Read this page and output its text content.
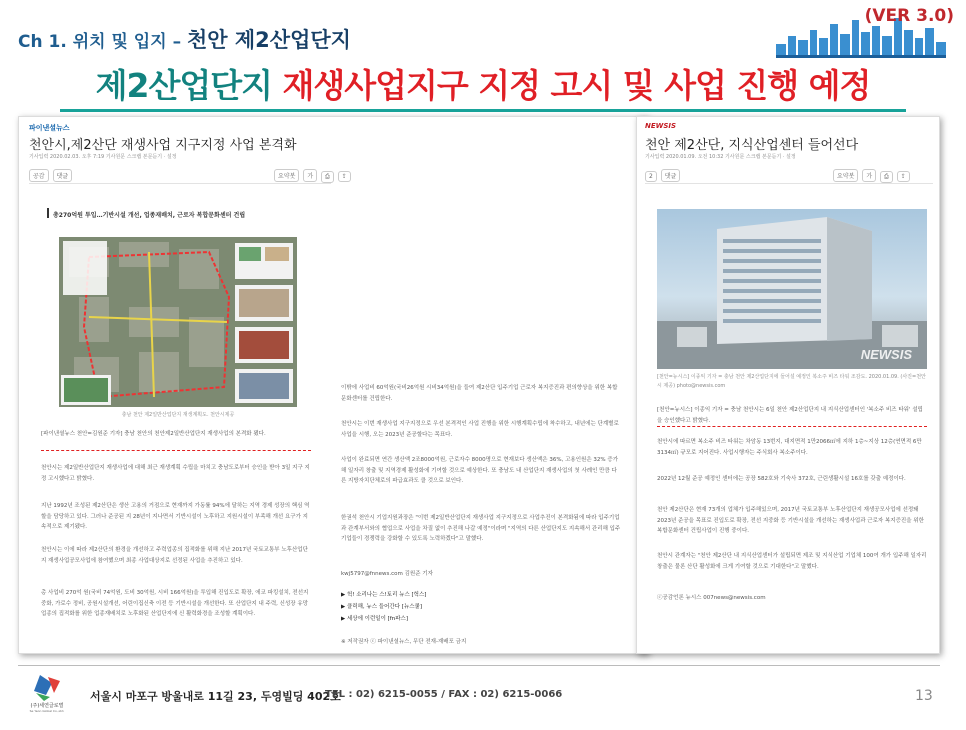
Ch 1. 위치 및 입지 – 천안 제2산업단지
(VER 3.0)
제2산업단지 재생사업지구 지정 고시 및 사업 진행 예정
파이낸셜뉴스
천안시,제2산단 재생사업 지구지정 사업 본격화
기사입력 2020.02.03. 오후 7:19 기사원문 스크랩 본문듣기 · 설정
공감 댓글	요약봇 가 ⎙ ⇪
총270억원 투입…기반시설 개선, 업종재배치, 근로자 복합문화센터 건립
충남 천안 제2일반산업단지 재생계획도. 천안시제공
[파이낸셜뉴스 천안=김원준 기자] 충남 천안의 천안제2일반산업단지 재생사업의 본격화 됐다.
천안시는 제2일반산업단지 재생사업에 대해 최근 재생계획 수립을 마치고 충남도로부터 승인을 받아 3일 지구 지정 고시했다고 밝혔다.
지난 1992년 조성된 제2산단은 생산 고용의 거점으로 현재까지 가동률 94%에 달하는 지역 경제 성장의 핵심 역할을 담당하고 있다. 그러나 준공된 지 28년이 지나면서 기반시설이 노후하고 지원시설이 부족해 개선 요구가 지속적으로 제기됐다.
천안시는 이에 따라 제2산단의 환경을 개선하고 주력업종의 집적화를 위해 지난 2017년 국토교통부 노후산업단지 재생사업공모사업에 참여했으며 최종 사업대상지로 선정된 사업을 추진하고 있다.
총 사업비 270억 원(국비 74억원, 도비 30억원, 시비 166억원)을 투입해 진입도로 확장, 에코 파킹설치, 전선지중화, 가로수 정비, 공원시설개선, 어린이집신축 이전 등 기반시설을 개선한다. 또 산업단지 내 주력, 신성장 유망업종의 집적화를 위한 업종재배치로 노후화된 산업단지에 신 활력화경을 조성할 계획이다.
이밖에 사업비 60억원(국비26억원 시비34억원)을 들여 제2산단 입주기업 근로자 복지증진과 편의향상을 위한 복합문화센터를 건립한다.
천안시는 이번 재생사업 지구지정으로 우선 본격적인 사업 진행을 위한 시행계획수립에 착수하고, 내년에는 단계별로 사업을 시행, 오는 2023년 준공할다는 목표다.
사업이 완료되면 연간 생산액 2조8000억원, 근로자수 8000명으로 현재보다 생산액은 36%, 고용인원은 32% 증가해 일자리 창출 및 지역경제 활성화에 기여할 것으로 예상한다. 또 충남도 내 산업단지 재생사업의 첫 사례인 만큼 다른 지방자치단체로의 파급효과도 클 것으로 보인다.
한권석 천안시 기업지원과장은 "이번 제2일반산업단지 재생사업 지구지정으로 사업추진이 본격화됨에 따라 입주기업과 관계부서와의 협업으로 사업을 차질 없이 추진해 나갈 예정"이라며 "지역의 다른 산업단지도 지속해서 관리해 입주기업들이 경쟁력을 강화할 수 있도록 노력하겠다"고 말했다.
kwj5797@fnnews.com 김원준 기자
▶ 헉! 소리나는 스!토리 뉴스 [헉스]
▶ 클릭해, 뉴스 들어간다 [뉴스쿨]
▶ 세상에 이런일이 [fn파스]
※ 저작권자 ⓒ 파이낸셜뉴스, 무단 전재-재배포 금지
NEWSIS
천안 제2산단, 지식산업센터 들어선다
기사입력 2020.01.09. 오전 10:32 기사원문 스크랩 본문듣기 · 설정
2 댓글	요약봇 가 ⎙ ⇪
NEWSIS
[천안=뉴시스] 이종익 기자 = 충남 천안 제2산업단지에 들어설 예정인 복소주 비즈 타워 조감도. 2020.01.09. (사진=천안시 제공) photo@newsis.com
[천안=뉴시스] 이종익 기자 = 충남 천안시는 6일 천안 제2산업단지 내 지식산업센터인 '복소주 비즈 타워' 설립을 승인했다고 밝혔다.
천안시에 따르면 복소주 비즈 타워는 차암동 13번지, 대지면적 1만2066㎡에 지하 1층~지상 12층(연면적 6만3134㎡) 규모로 지어진다. 사업시행자는 주식회사 복소주이다.
2022년 12월 준공 예정인 센터에는 공장 582호와 기숙사 372호, 근린생활시설 16호를 갖출 예정이다.
천안 제2산단은 현재 73개의 업체가 입주해있으며, 2017년 국토교통부 노후산업단지 재생공모사업에 선정돼 2023년 준공을 목표로 진입도로 확장, 전선 지중화 등 기반시설을 개선하는 재생사업과 근로자 복지증진을 위한 복합문화센터 건립사업이 진행 중이다.
천안시 관계자는 "천안 제2산단 내 지식산업센터가 설립되면 제조 및 지식산업 기업체 100여 개가 입주해 일자리 창출은 물론 산단 활성화에 크게 기여할 것으로 기대한다"고 말했다.
ⓒ공감언론 뉴시스 007news@newsis.com
(주)세연글로벌
Se Yeon Global Co.,Ltd.
서울시 마포구 방울내로 11길 23, 두영빌딩 402호
TEL : 02) 6215-0055 / FAX : 02) 6215-0066	13
